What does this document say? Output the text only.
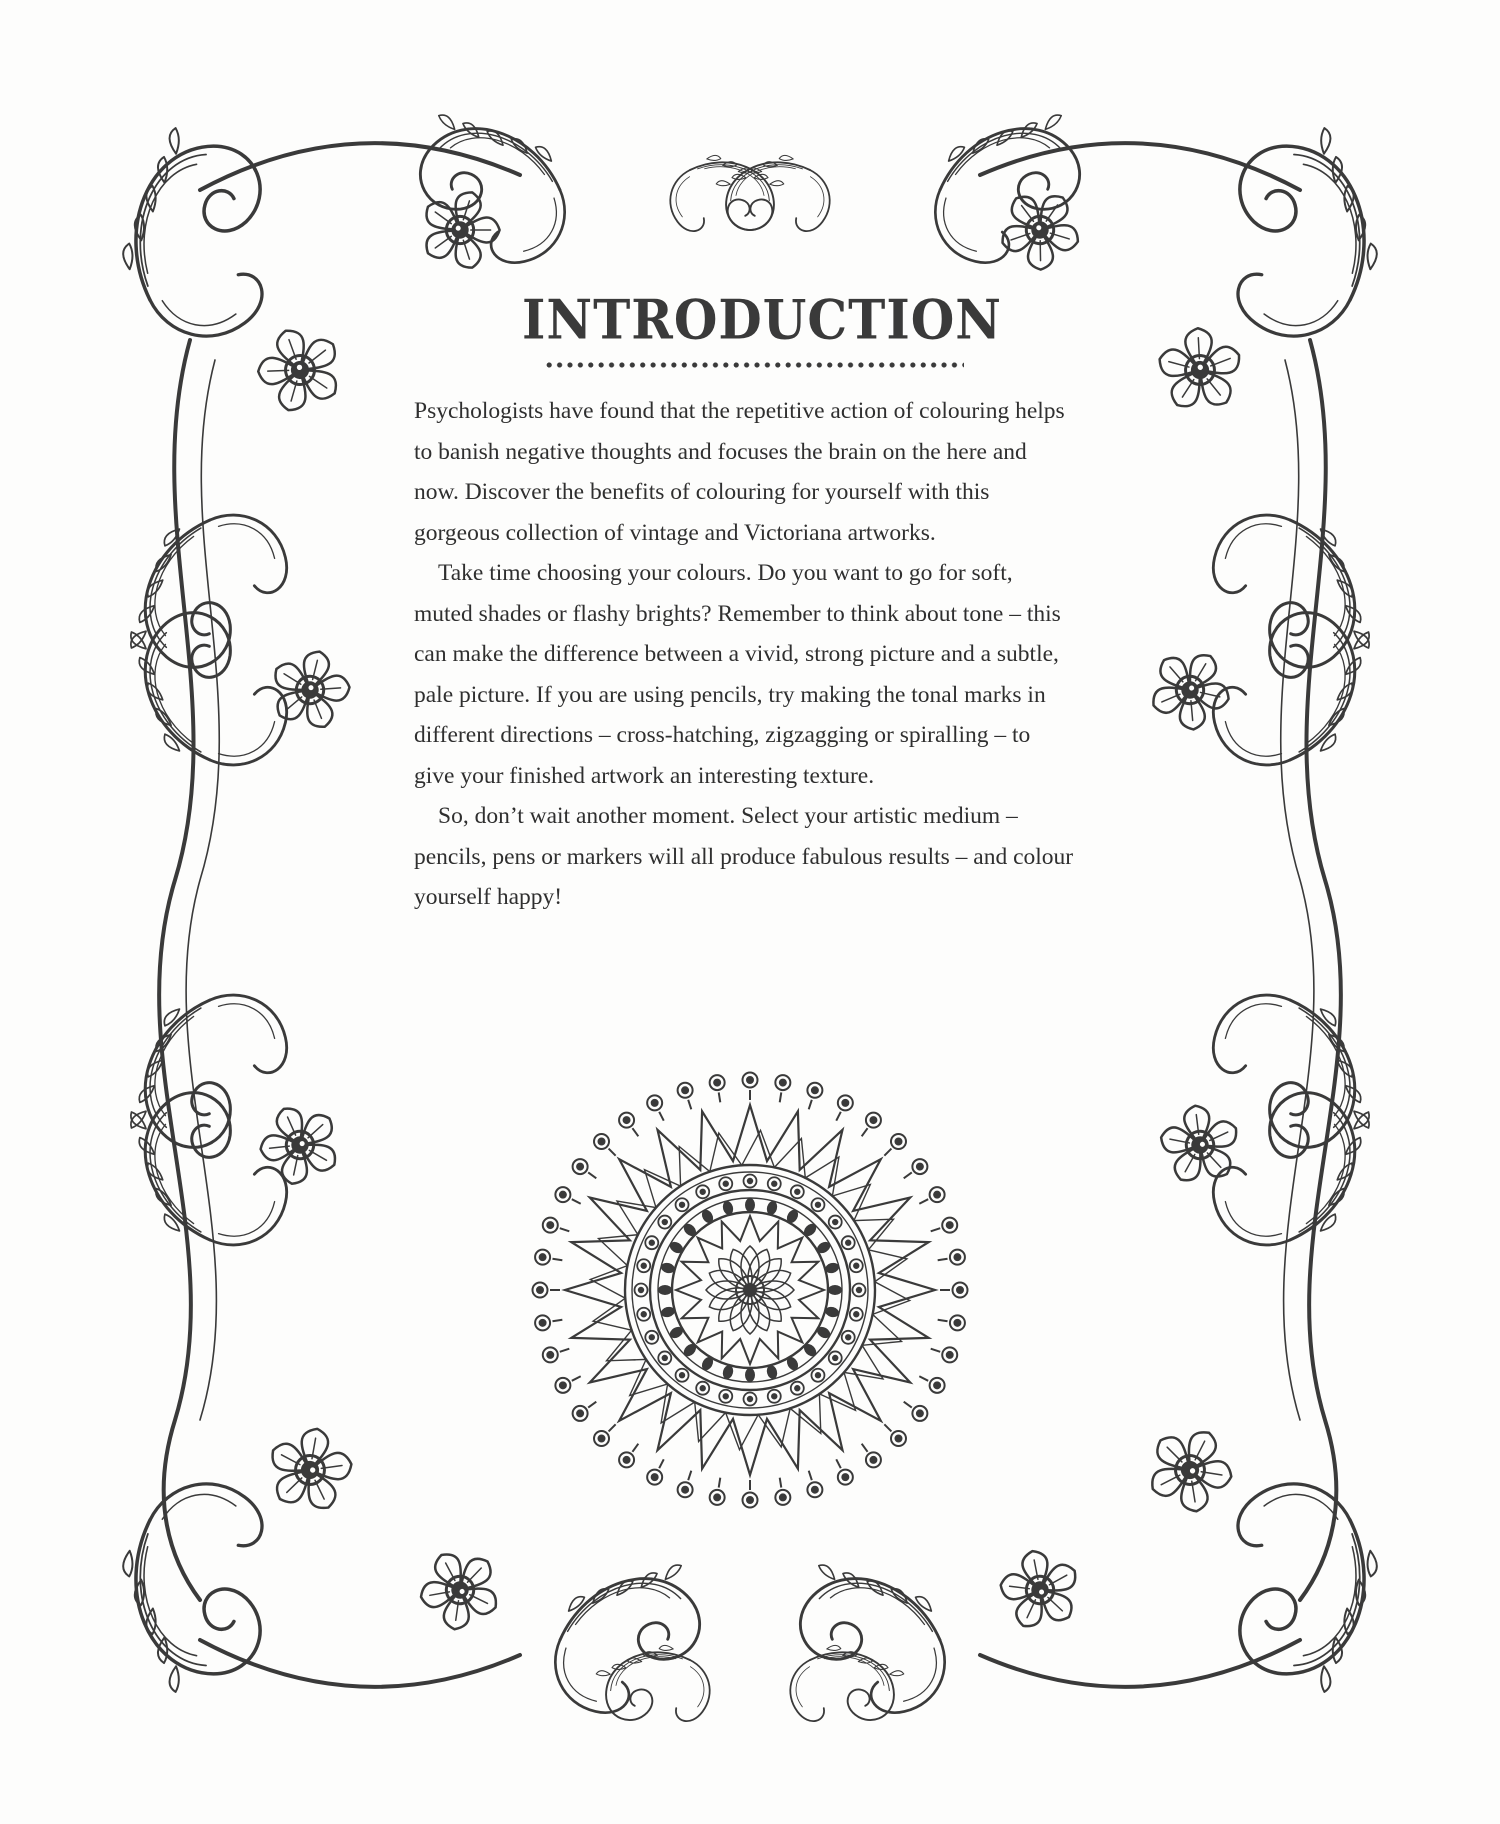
INTRODUCTION

Psychologists have found that the repetitive action of colouring helps to banish negative thoughts and focuses the brain on the here and now. Discover the benefits of colouring for yourself with this gorgeous collection of vintage and Victoriana artworks.

Take time choosing your colours. Do you want to go for soft, muted shades or flashy brights? Remember to think about tone – this can make the difference between a vivid, strong picture and a subtle, pale picture. If you are using pencils, try making the tonal marks in different directions – cross-hatching, zigzagging or spiralling – to give your finished artwork an interesting texture.

So, don’t wait another moment. Select your artistic medium – pencils, pens or markers will all produce fabulous results – and colour yourself happy!
